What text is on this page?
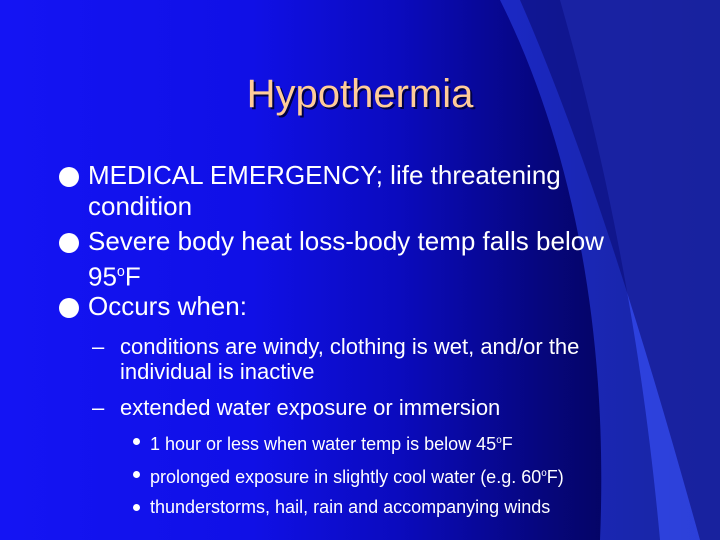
Hypothermia
MEDICAL EMERGENCY; life threatening
condition
Severe body heat loss-body temp falls below
95$^o$F
Occurs when:
– conditions are windy, clothing is wet, and/or the
individual is inactive
– extended water exposure or immersion
1 hour or less when water temp is below 45$^o$F
prolonged exposure in slightly cool water (e.g. 60$^o$F)
thunderstorms, hail, rain and accompanying winds
